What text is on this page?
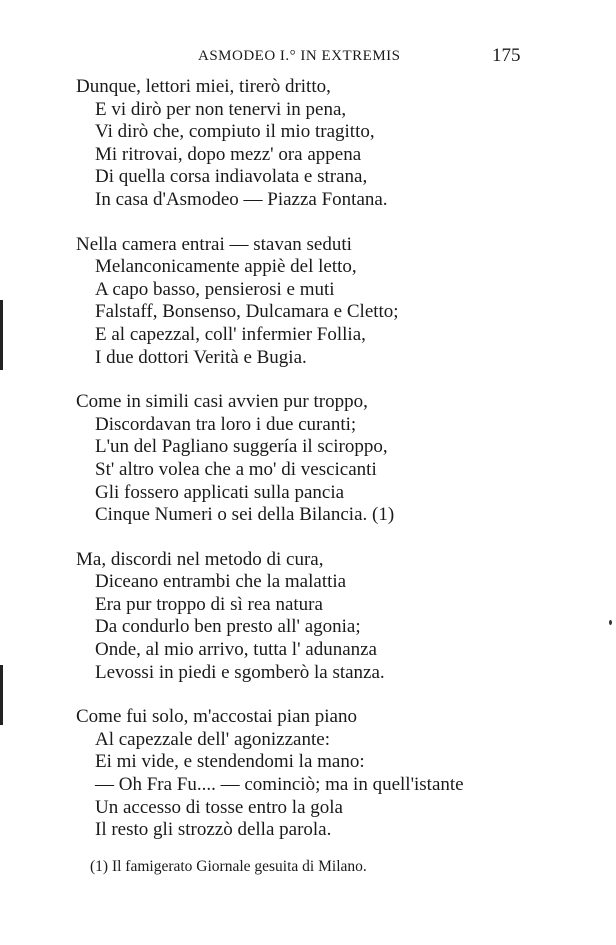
ASMODEO I.° IN EXTREMIS	175
Dunque, lettori miei, tirerò dritto,
E vi dirò per non tenervi in pena,
Vi dirò che, compiuto il mio tragitto,
Mi ritrovai, dopo mezz' ora appena
Di quella corsa indiavolata e strana,
In casa d'Asmodeo — Piazza Fontana.
Nella camera entrai — stavan seduti
Melanconicamente appiè del letto,
A capo basso, pensierosi e muti
Falstaff, Bonsenso, Dulcamara e Cletto;
E al capezzal, coll' infermier Follia,
I due dottori Verità e Bugia.
Come in simili casi avvien pur troppo,
Discordavan tra loro i due curanti;
L'un del Pagliano suggería il sciroppo,
St' altro volea che a mo' di vescicanti
Gli fossero applicati sulla pancia
Cinque Numeri o sei della Bilancia. (1)
Ma, discordi nel metodo di cura,
Diceano entrambi che la malattia
Era pur troppo di sì rea natura
Da condurlo ben presto all' agonia;
Onde, al mio arrivo, tutta l' adunanza
Levossi in piedi e sgomberò la stanza.
Come fui solo, m'accostai pian piano
Al capezzale dell' agonizzante:
Ei mi vide, e stendendomi la mano:
— Oh Fra Fu.... — cominciò; ma in quell'istante
Un accesso di tosse entro la gola
Il resto gli strozzò della parola.
(1) Il famigerato Giornale gesuita di Milano.
